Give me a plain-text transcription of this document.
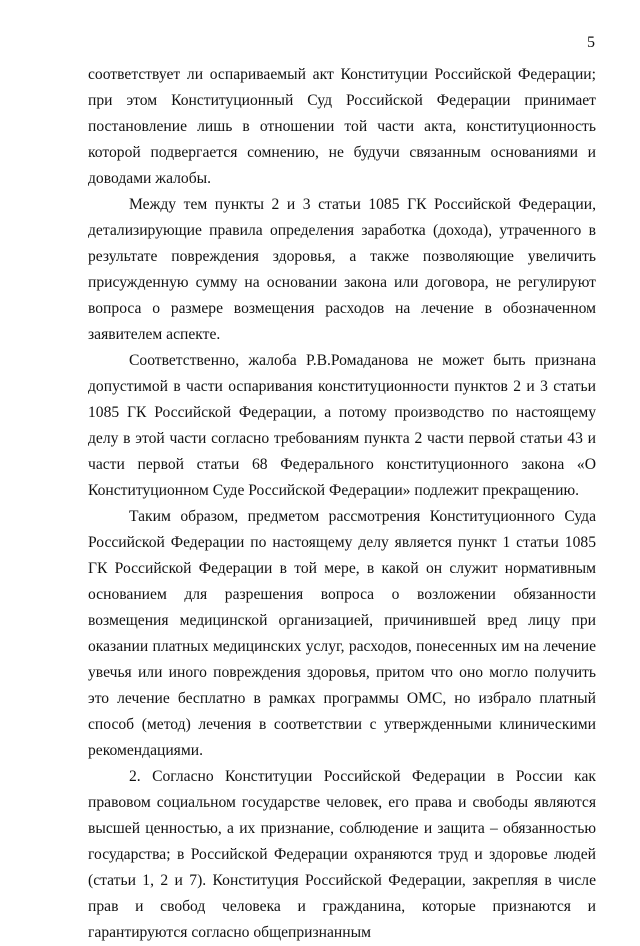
5

соответствует ли оспариваемый акт Конституции Российской Федерации; при этом Конституционный Суд Российской Федерации принимает постановление лишь в отношении той части акта, конституционность которой подвергается сомнению, не будучи связанным основаниями и доводами жалобы.

Между тем пункты 2 и 3 статьи 1085 ГК Российской Федерации, детализирующие правила определения заработка (дохода), утраченного в результате повреждения здоровья, а также позволяющие увеличить присужденную сумму на основании закона или договора, не регулируют вопроса о размере возмещения расходов на лечение в обозначенном заявителем аспекте.

Соответственно, жалоба Р.В.Ромаданова не может быть признана допустимой в части оспаривания конституционности пунктов 2 и 3 статьи 1085 ГК Российской Федерации, а потому производство по настоящему делу в этой части согласно требованиям пункта 2 части первой статьи 43 и части первой статьи 68 Федерального конституционного закона «О Конституционном Суде Российской Федерации» подлежит прекращению.

Таким образом, предметом рассмотрения Конституционного Суда Российской Федерации по настоящему делу является пункт 1 статьи 1085 ГК Российской Федерации в той мере, в какой он служит нормативным основанием для разрешения вопроса о возложении обязанности возмещения медицинской организацией, причинившей вред лицу при оказании платных медицинских услуг, расходов, понесенных им на лечение увечья или иного повреждения здоровья, притом что оно могло получить это лечение бесплатно в рамках программы ОМС, но избрало платный способ (метод) лечения в соответствии с утвержденными клиническими рекомендациями.

2. Согласно Конституции Российской Федерации в России как правовом социальном государстве человек, его права и свободы являются высшей ценностью, а их признание, соблюдение и защита – обязанностью государства; в Российской Федерации охраняются труд и здоровье людей (статьи 1, 2 и 7). Конституция Российской Федерации, закрепляя в числе прав и свобод человека и гражданина, которые признаются и гарантируются согласно общепризнанным
